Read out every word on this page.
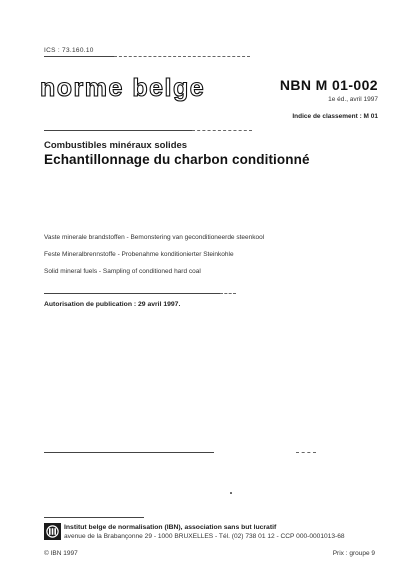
ICS : 73.160.10
norme belge	NBN M 01-002
1e éd., avril 1997
Indice de classement : M 01
Combustibles minéraux solides
Echantillonnage du charbon conditionné
Vaste minerale brandstoffen - Bemonstering van geconditioneerde steenkool
Feste Mineralbrennstoffe - Probenahme konditionierter Steinkohle
Solid mineral fuels - Sampling of conditioned hard coal
Autorisation de publication : 29 avril 1997.
Institut belge de normalisation (IBN), association sans but lucratif
avenue de la Brabançonne 29 - 1000 BRUXELLES - Tél. (02) 738 01 12 - CCP 000-0001013-68
© IBN 1997	Prix : groupe 9
